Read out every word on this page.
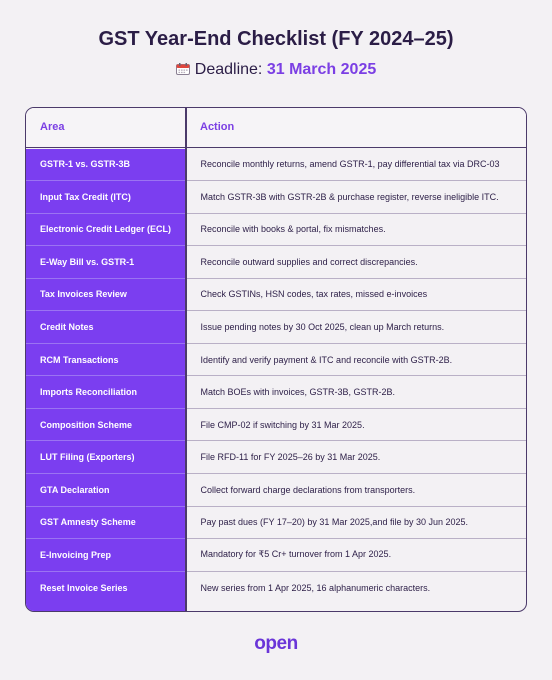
GST Year-End Checklist (FY 2024–25)
Deadline: 31 March 2025
Area	Action
GSTR-1 vs. GSTR-3B	Reconcile monthly returns, amend GSTR-1, pay differential tax via DRC-03
Input Tax Credit (ITC)	Match GSTR-3B with GSTR-2B & purchase register, reverse ineligible ITC.
Electronic Credit Ledger (ECL)	Reconcile with books & portal, fix mismatches.
E-Way Bill vs. GSTR-1	Reconcile outward supplies and correct discrepancies.
Tax Invoices Review	Check GSTINs, HSN codes, tax rates, missed e-invoices
Credit Notes	Issue pending notes by 30 Oct 2025, clean up March returns.
RCM Transactions	Identify and verify payment & ITC and reconcile with GSTR-2B.
Imports Reconciliation	Match BOEs with invoices, GSTR-3B, GSTR-2B.
Composition Scheme	File CMP-02 if switching by 31 Mar 2025.
LUT Filing (Exporters)	File RFD-11 for FY 2025–26 by 31 Mar 2025.
GTA Declaration	Collect forward charge declarations from transporters.
GST Amnesty Scheme	Pay past dues (FY 17–20) by 31 Mar 2025,and file by 30 Jun 2025.
E-Invoicing Prep	Mandatory for ₹5 Cr+ turnover from 1 Apr 2025.
Reset Invoice Series	New series from 1 Apr 2025, 16 alphanumeric characters.
open
